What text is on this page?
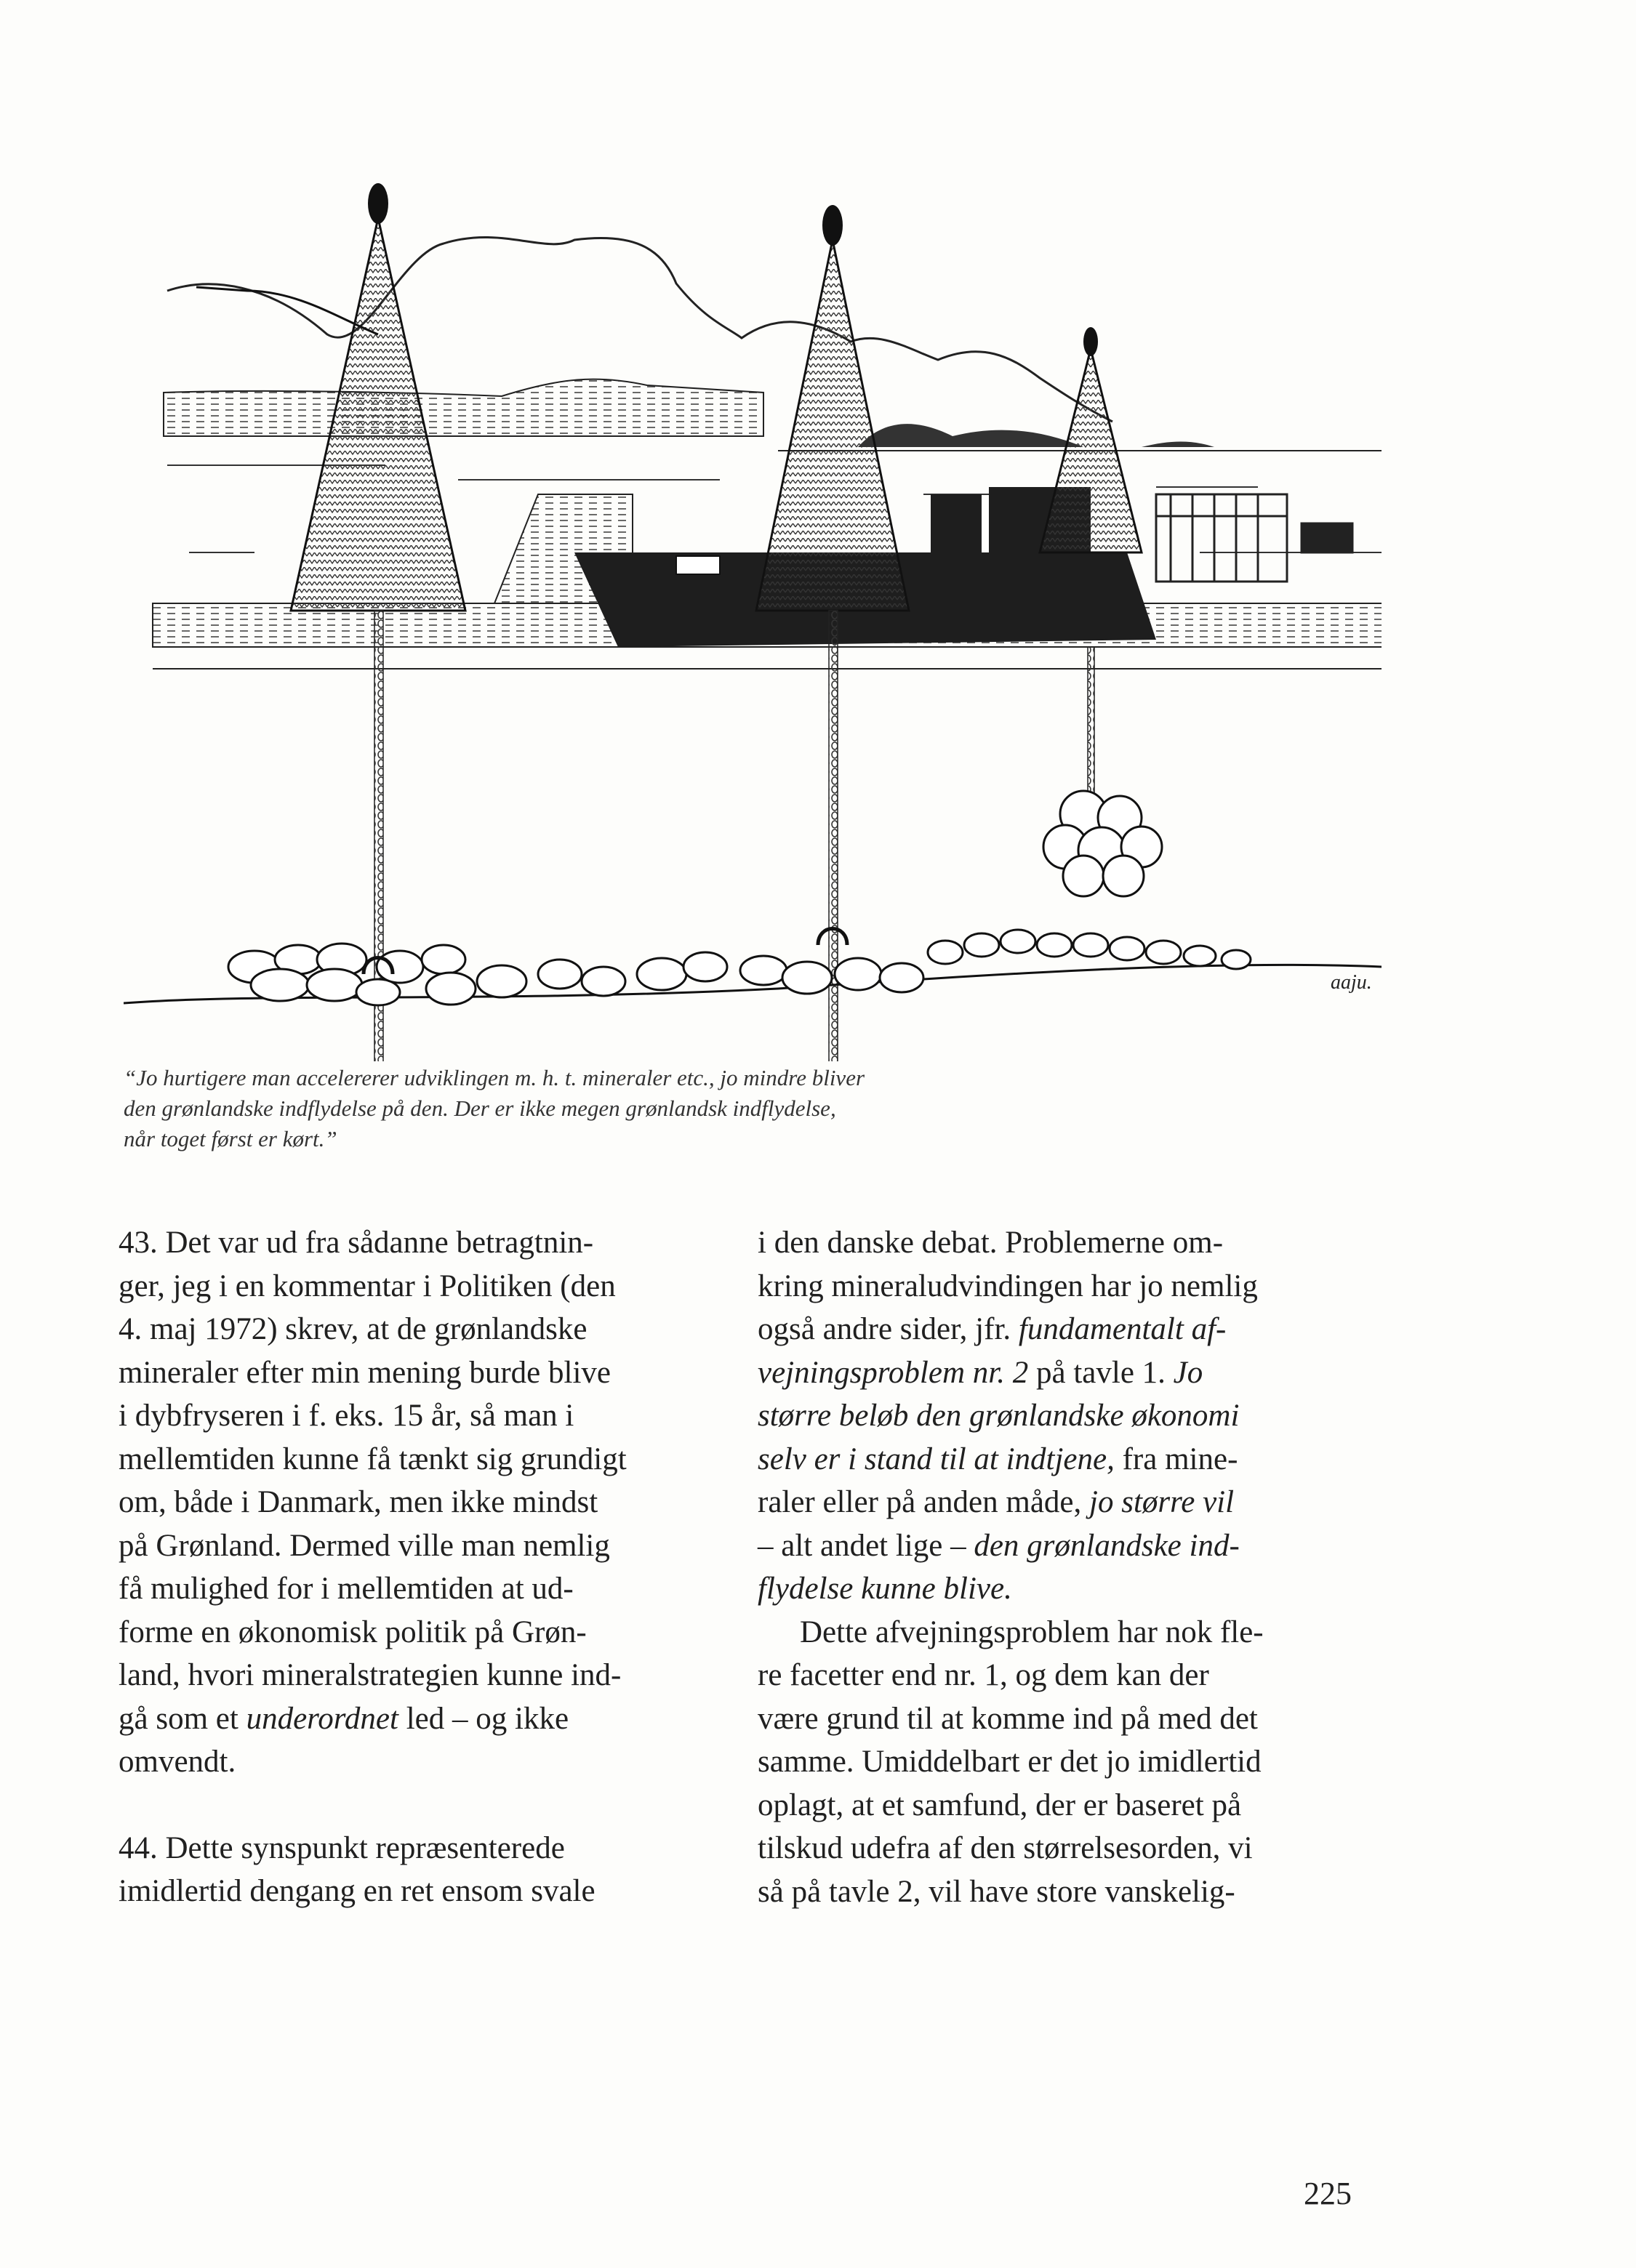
aaju.

“Jo hurtigere man accelererer udviklingen m. h. t. mineraler etc., jo mindre bliver

den grønlandske indflydelse på den. Der er ikke megen grønlandsk indflydelse,

når toget først er kørt.”

43. Det var ud fra sådanne betragtnin-

ger, jeg i en kommentar i Politiken (den

4. maj 1972) skrev, at de grønlandske

mineraler efter min mening burde blive

i dybfryseren i f. eks. 15 år, så man i

mellemtiden kunne få tænkt sig grundigt

om, både i Danmark, men ikke mindst

på Grønland. Dermed ville man nemlig

få mulighed for i mellemtiden at ud-

forme en økonomisk politik på Grøn-

land, hvori mineralstrategien kunne ind-

gå som et underordnet led – og ikke

omvendt.

44. Dette synspunkt repræsenterede

imidlertid dengang en ret ensom svale

i den danske debat. Problemerne om-

kring mineraludvindingen har jo nemlig

også andre sider, jfr. fundamentalt af-

vejningsproblem nr. 2 på tavle 1. Jo

større beløb den grønlandske økonomi

selv er i stand til at indtjene, fra mine-

raler eller på anden måde, jo større vil

– alt andet lige – den grønlandske ind-

flydelse kunne blive.

Dette afvejningsproblem har nok fle-

re facetter end nr. 1, og dem kan der

være grund til at komme ind på med det

samme. Umiddelbart er det jo imidlertid

oplagt, at et samfund, der er baseret på

tilskud udefra af den størrelsesorden, vi

så på tavle 2, vil have store vanskelig-

225
